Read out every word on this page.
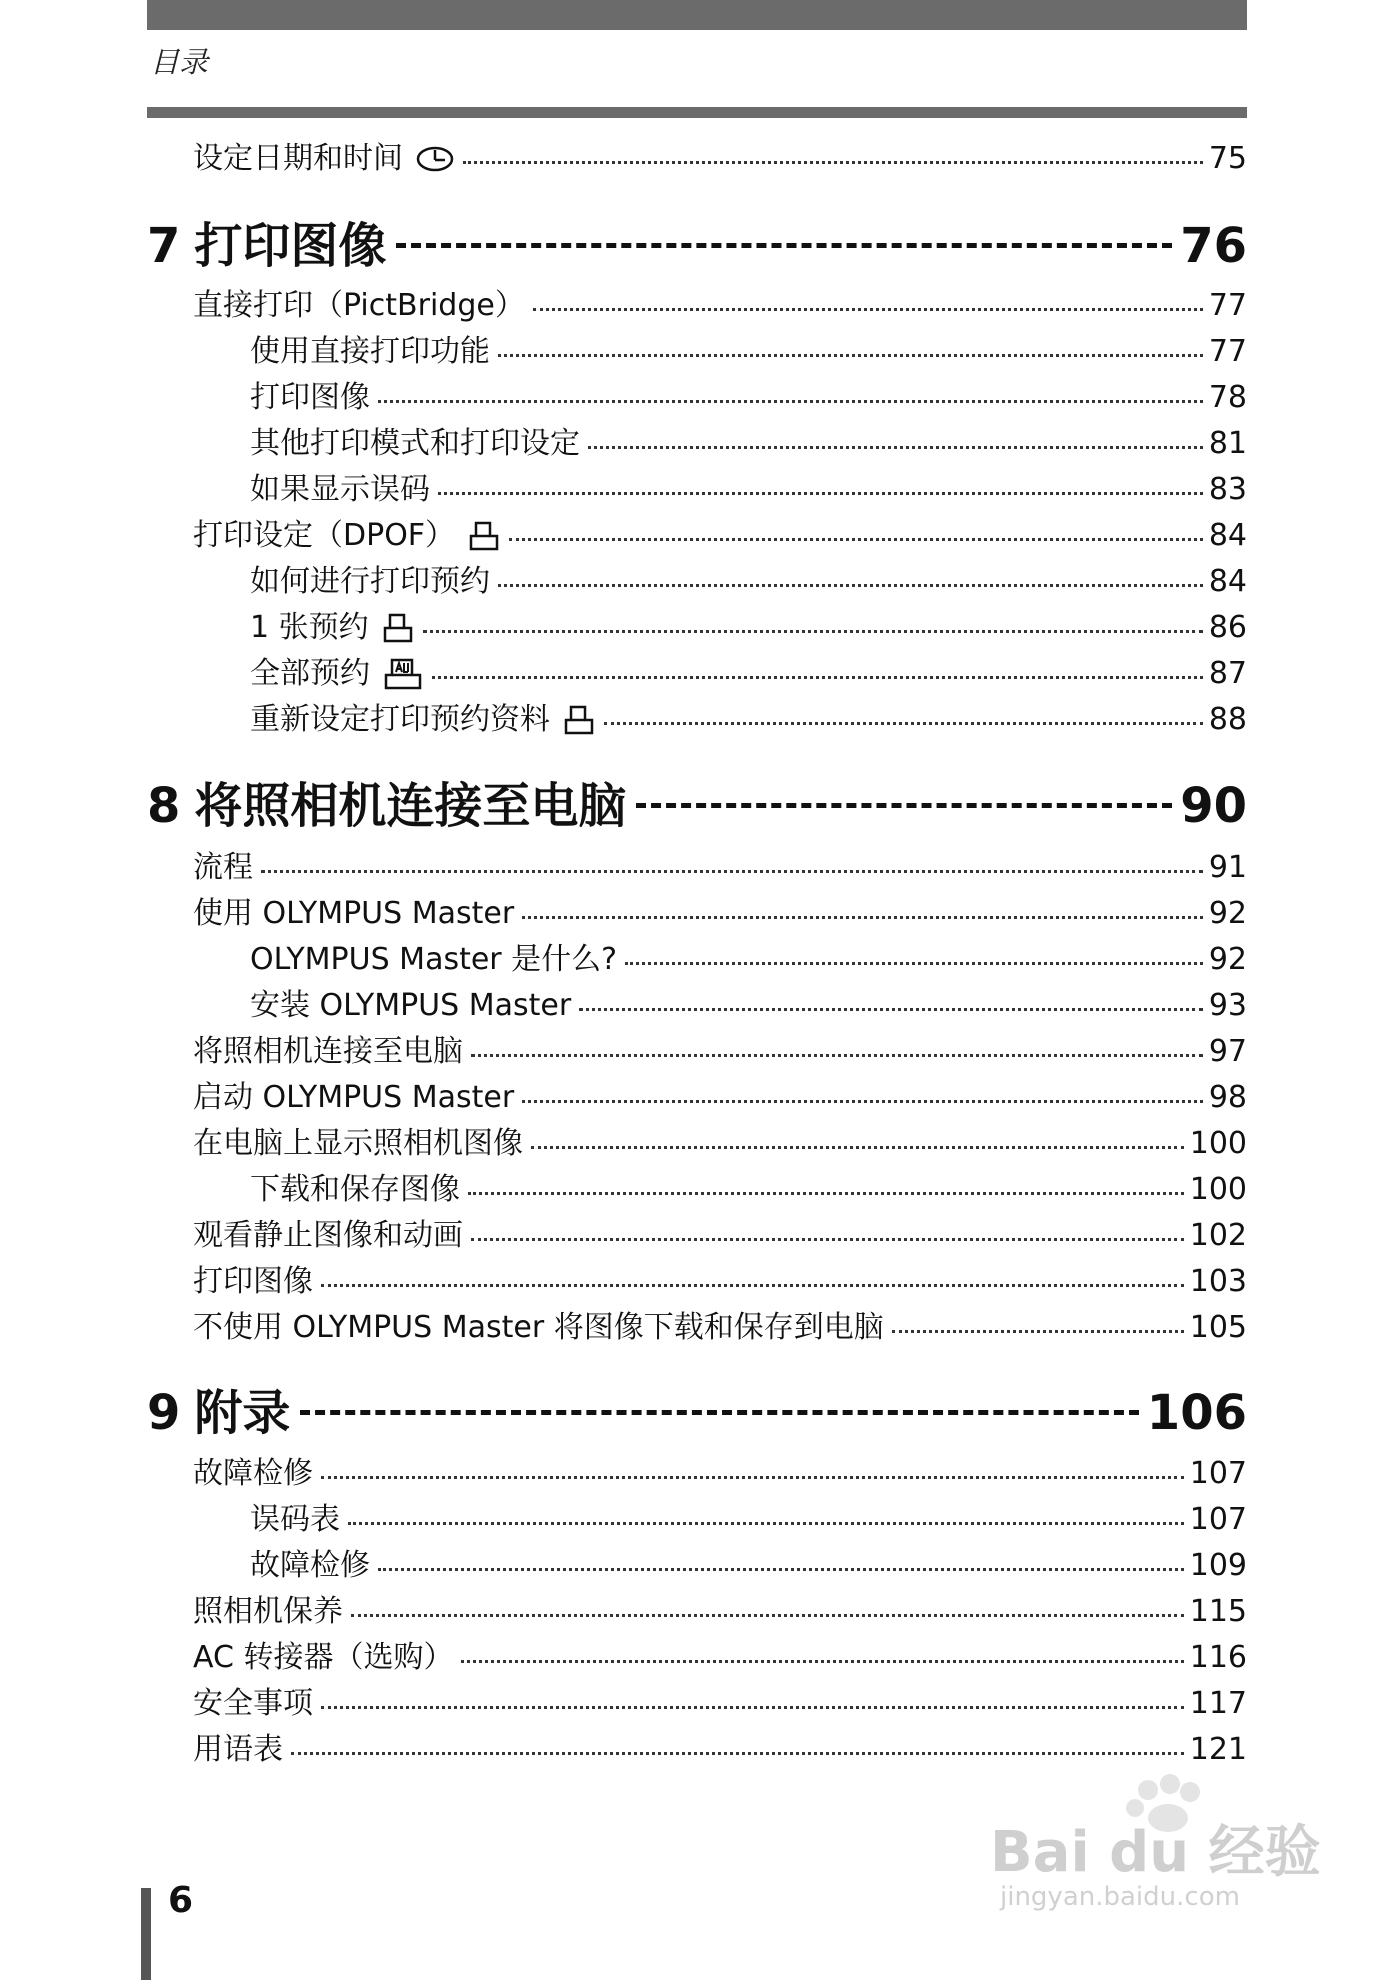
目录
设定日期和时间	75
7 打印图像	76
直接打印（PictBridge）	77
使用直接打印功能	77
打印图像	78
其他打印模式和打印设定	81
如果显示误码	83
打印设定（DPOF）	84
如何进行打印预约	84
1 张预约	86
全部预约	87
重新设定打印预约资料	88
8 将照相机连接至电脑	90
流程	91
使用 OLYMPUS Master	92
OLYMPUS Master 是什么?	92
安装 OLYMPUS Master	93
将照相机连接至电脑	97
启动 OLYMPUS Master	98
在电脑上显示照相机图像	100
下载和保存图像	100
观看静止图像和动画	102
打印图像	103
不使用 OLYMPUS Master 将图像下载和保存到电脑	105
9 附录	106
故障检修	107
误码表	107
故障检修	109
照相机保养	115
AC 转接器（选购）	116
安全事项	117
用语表	121
Bai du 经验
jingyan.baidu.com
6
